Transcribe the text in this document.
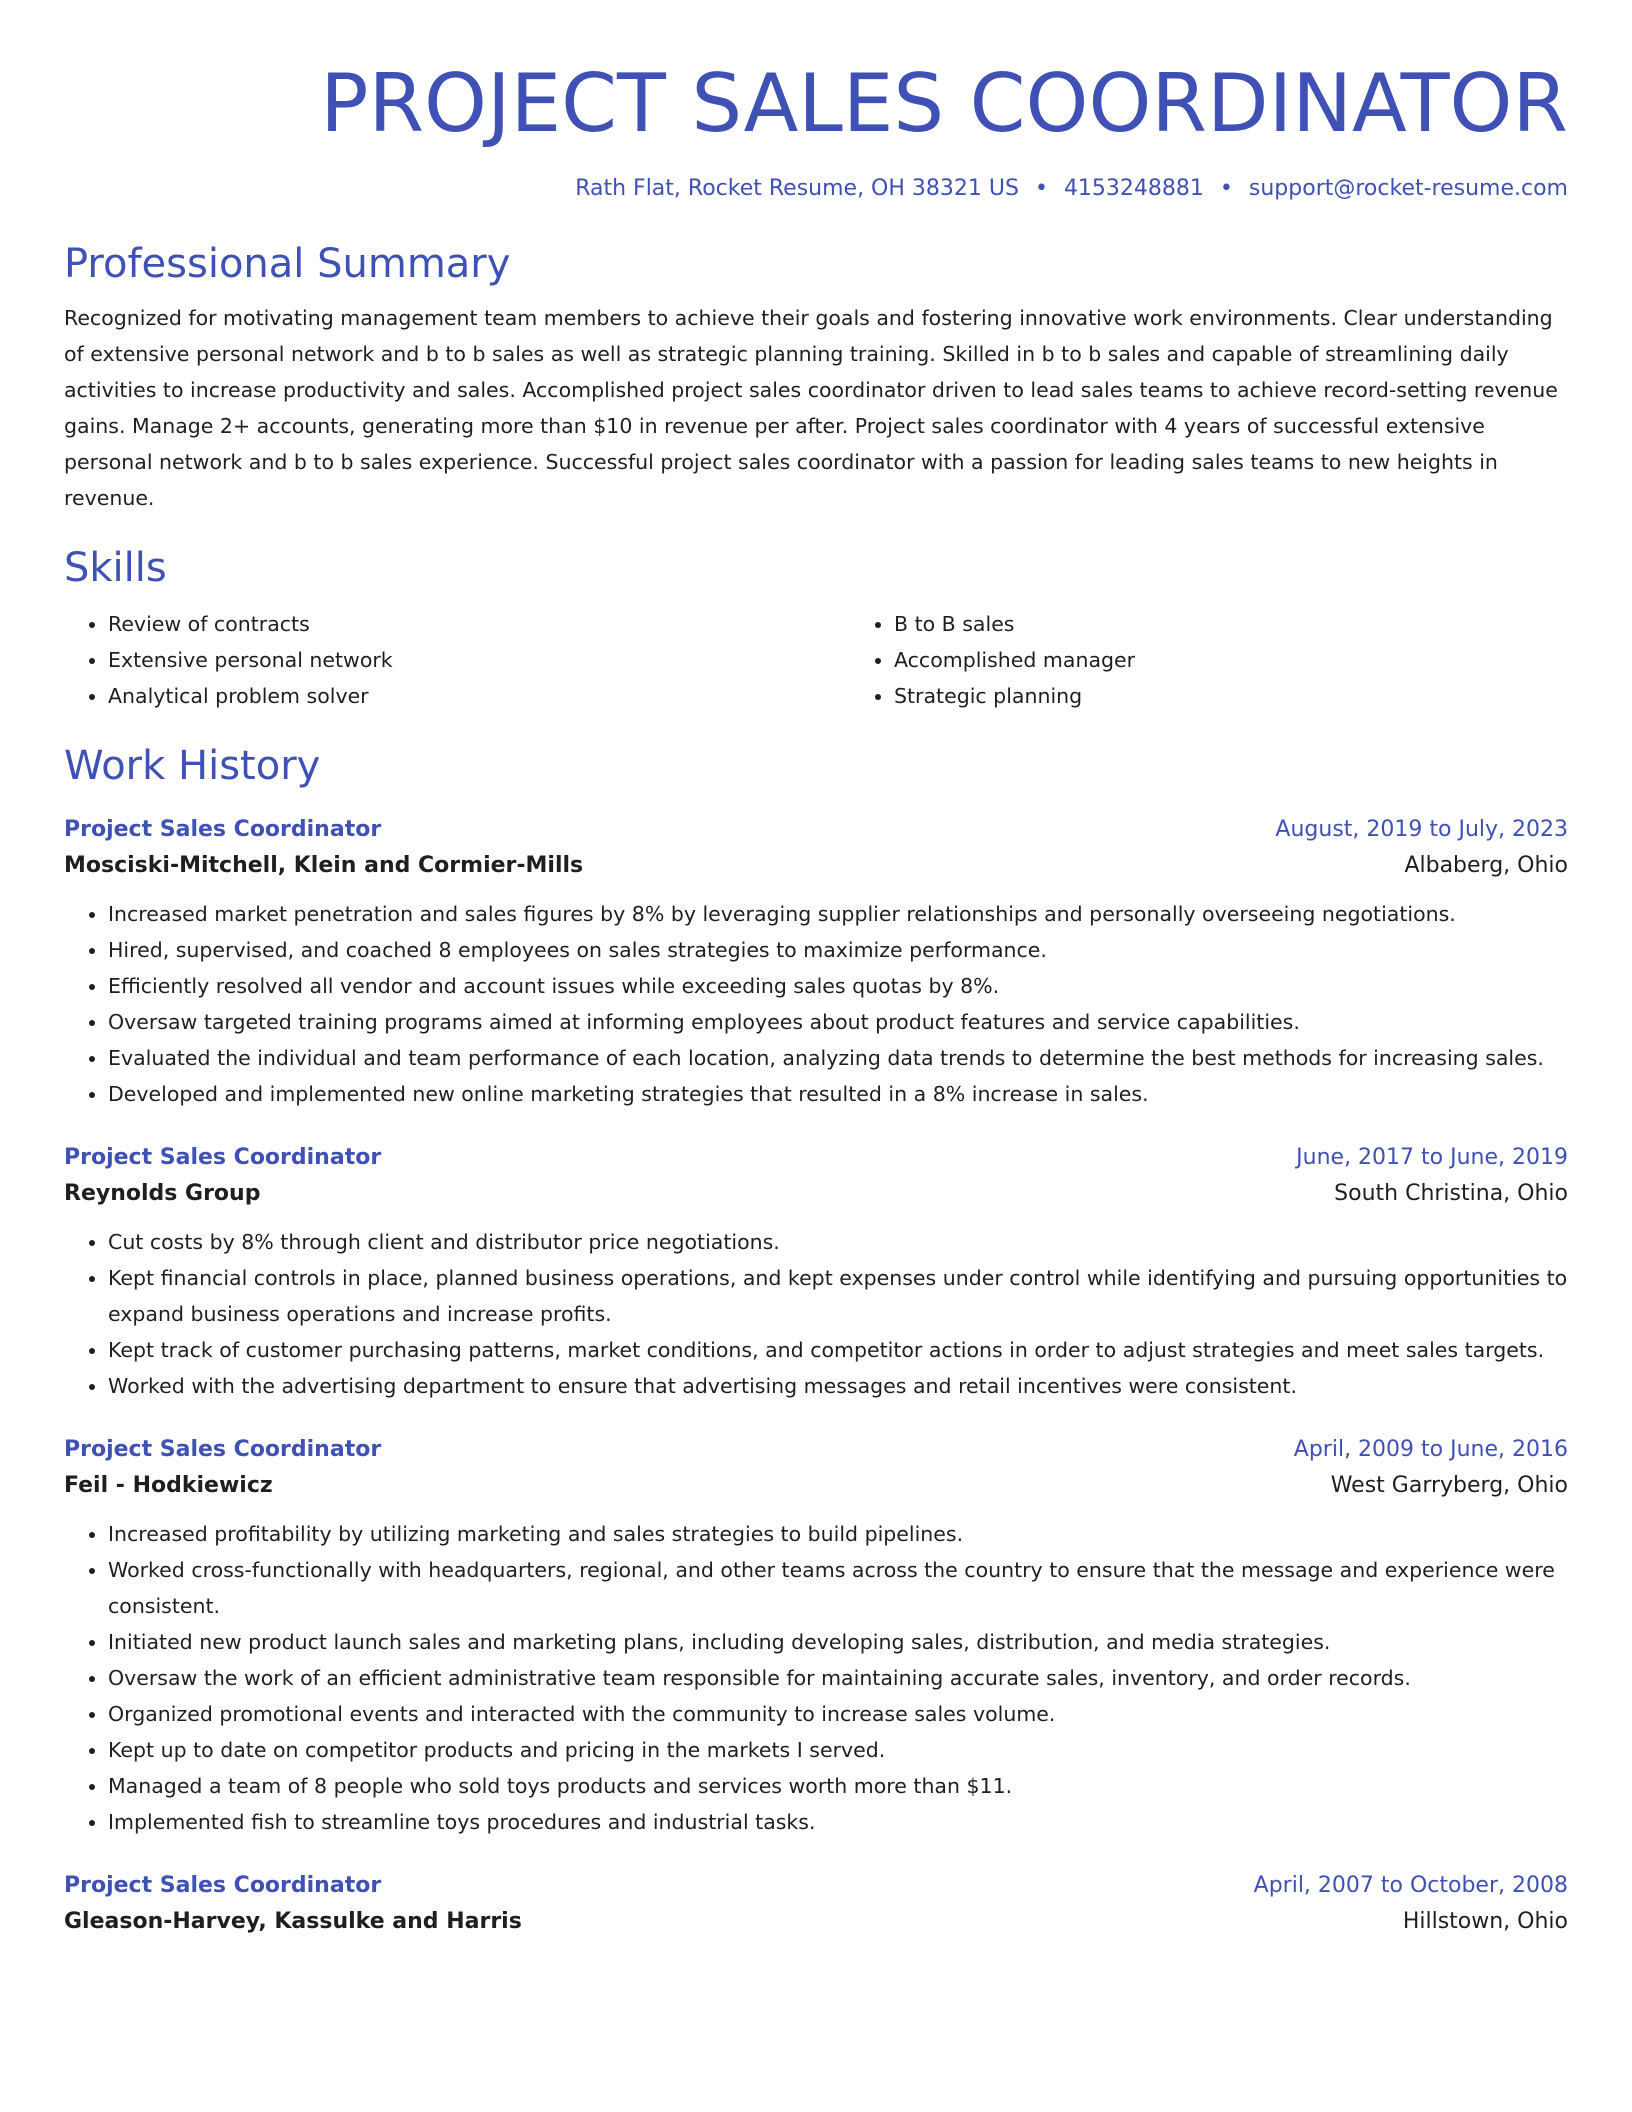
PROJECT SALES COORDINATOR
Rath Flat, Rocket Resume, OH 38321 US • 4153248881 • support@rocket-resume.com
Professional Summary
Recognized for motivating management team members to achieve their goals and fostering innovative work environments. Clear understanding of extensive personal network and b to b sales as well as strategic planning training. Skilled in b to b sales and capable of streamlining daily activities to increase productivity and sales. Accomplished project sales coordinator driven to lead sales teams to achieve record-setting revenue gains. Manage 2+ accounts, generating more than $10 in revenue per after. Project sales coordinator with 4 years of successful extensive personal network and b to b sales experience. Successful project sales coordinator with a passion for leading sales teams to new heights in revenue.
Skills
• Review of contracts
• Extensive personal network
• Analytical problem solver
• B to B sales
• Accomplished manager
• Strategic planning
Work History
Project Sales Coordinator	August, 2019 to July, 2023
Mosciski-Mitchell, Klein and Cormier-Mills	Albaberg, Ohio
• Increased market penetration and sales figures by 8% by leveraging supplier relationships and personally overseeing negotiations.
• Hired, supervised, and coached 8 employees on sales strategies to maximize performance.
• Efficiently resolved all vendor and account issues while exceeding sales quotas by 8%.
• Oversaw targeted training programs aimed at informing employees about product features and service capabilities.
• Evaluated the individual and team performance of each location, analyzing data trends to determine the best methods for increasing sales.
• Developed and implemented new online marketing strategies that resulted in a 8% increase in sales.
Project Sales Coordinator	June, 2017 to June, 2019
Reynolds Group	South Christina, Ohio
• Cut costs by 8% through client and distributor price negotiations.
• Kept financial controls in place, planned business operations, and kept expenses under control while identifying and pursuing opportunities to expand business operations and increase profits.
• Kept track of customer purchasing patterns, market conditions, and competitor actions in order to adjust strategies and meet sales targets.
• Worked with the advertising department to ensure that advertising messages and retail incentives were consistent.
Project Sales Coordinator	April, 2009 to June, 2016
Feil - Hodkiewicz	West Garryberg, Ohio
• Increased profitability by utilizing marketing and sales strategies to build pipelines.
• Worked cross-functionally with headquarters, regional, and other teams across the country to ensure that the message and experience were consistent.
• Initiated new product launch sales and marketing plans, including developing sales, distribution, and media strategies.
• Oversaw the work of an efficient administrative team responsible for maintaining accurate sales, inventory, and order records.
• Organized promotional events and interacted with the community to increase sales volume.
• Kept up to date on competitor products and pricing in the markets I served.
• Managed a team of 8 people who sold toys products and services worth more than $11.
• Implemented fish to streamline toys procedures and industrial tasks.
Project Sales Coordinator	April, 2007 to October, 2008
Gleason-Harvey, Kassulke and Harris	Hillstown, Ohio
